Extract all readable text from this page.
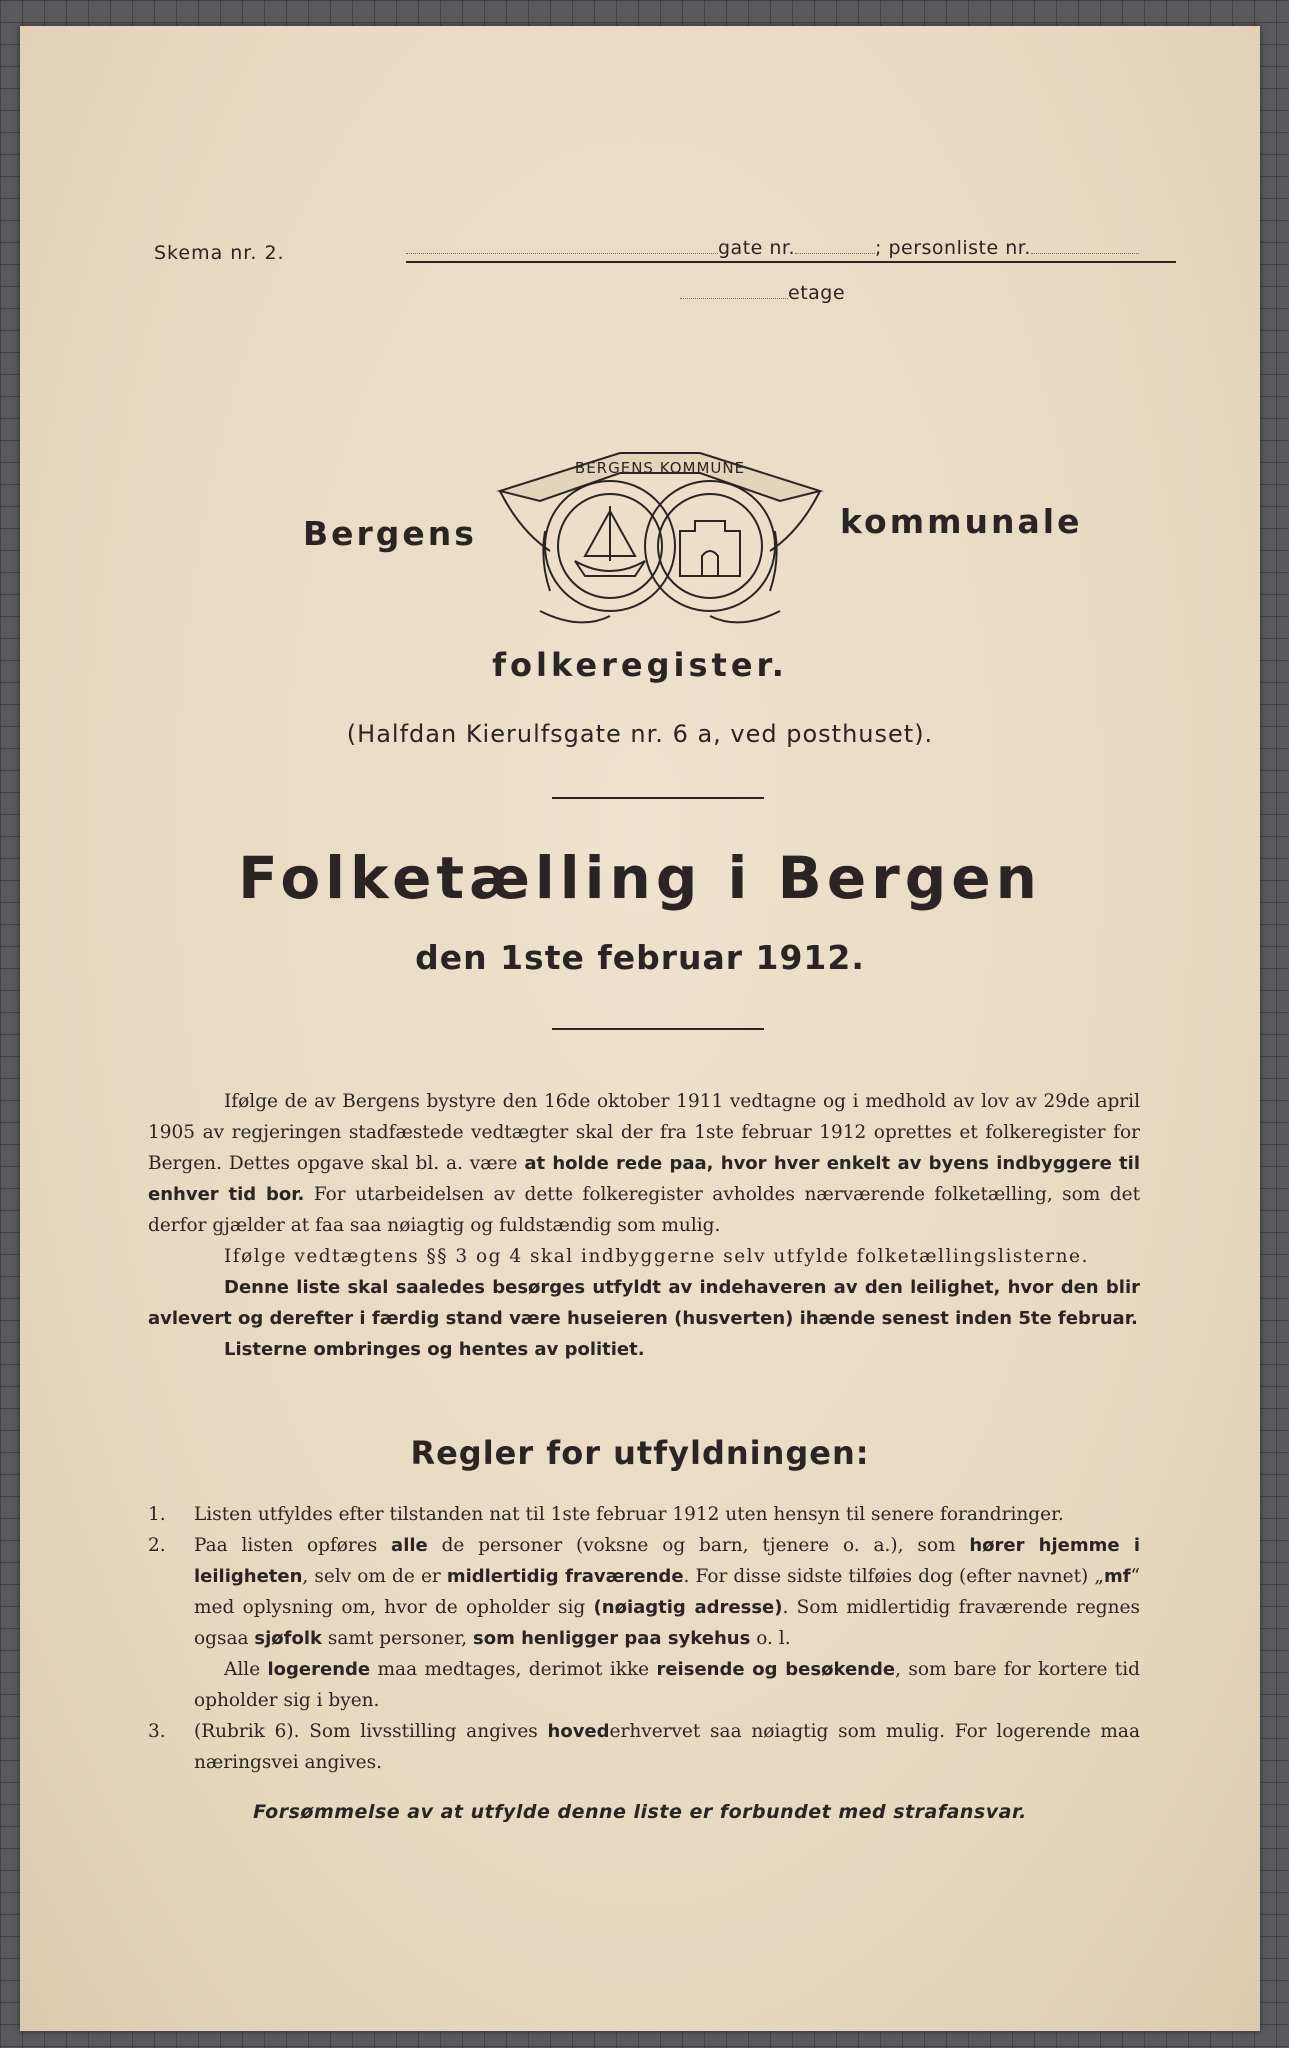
Skema nr. 2.	gate nr.	; personliste nr.
etage
Bergens
BERGENS KOMMUNE
kommunale
folkeregister.
(Halfdan Kierulfsgate nr. 6 a, ved posthuset).
Folketælling i Bergen
den 1ste februar 1912.

Ifølge de av Bergens bystyre den 16de oktober 1911 vedtagne og i medhold av lov av 29de april 1905 av regjeringen stadfæstede vedtægter skal der fra 1ste februar 1912 oprettes et folkeregister for Bergen. Dettes opgave skal bl. a. være at holde rede paa, hvor hver enkelt av byens indbyggere til enhver tid bor. For utarbeidelsen av dette folkeregister avholdes nærværende folketælling, som det derfor gjælder at faa saa nøiagtig og fuldstændig som mulig.

Ifølge vedtægtens §§ 3 og 4 skal indbyggerne selv utfylde folketællingslisterne.

Denne liste skal saaledes besørges utfyldt av indehaveren av den leilighet, hvor den blir avlevert og derefter i færdig stand være huseieren (husverten) ihænde senest inden 5te februar.

Listerne ombringes og hentes av politiet.

Regler for utfyldningen:
1.	Listen utfyldes efter tilstanden nat til 1ste februar 1912 uten hensyn til senere forandringer.
2.	Paa listen opføres alle de personer (voksne og barn, tjenere o. a.), som hører hjemme i leiligheten, selv om de er midlertidig fraværende. For disse sidste tilføies dog (efter navnet) „mf“ med oplysning om, hvor de opholder sig (nøiagtig adresse). Som midlertidig fraværende regnes ogsaa sjøfolk samt personer, som henligger paa sykehus o. l.
Alle logerende maa medtages, derimot ikke reisende og besøkende, som bare for kortere tid opholder sig i byen.
3.	(Rubrik 6). Som livsstilling angives hovederhvervet saa nøiagtig som mulig. For logerende maa næringsvei angives.
Forsømmelse av at utfylde denne liste er forbundet med strafansvar.
